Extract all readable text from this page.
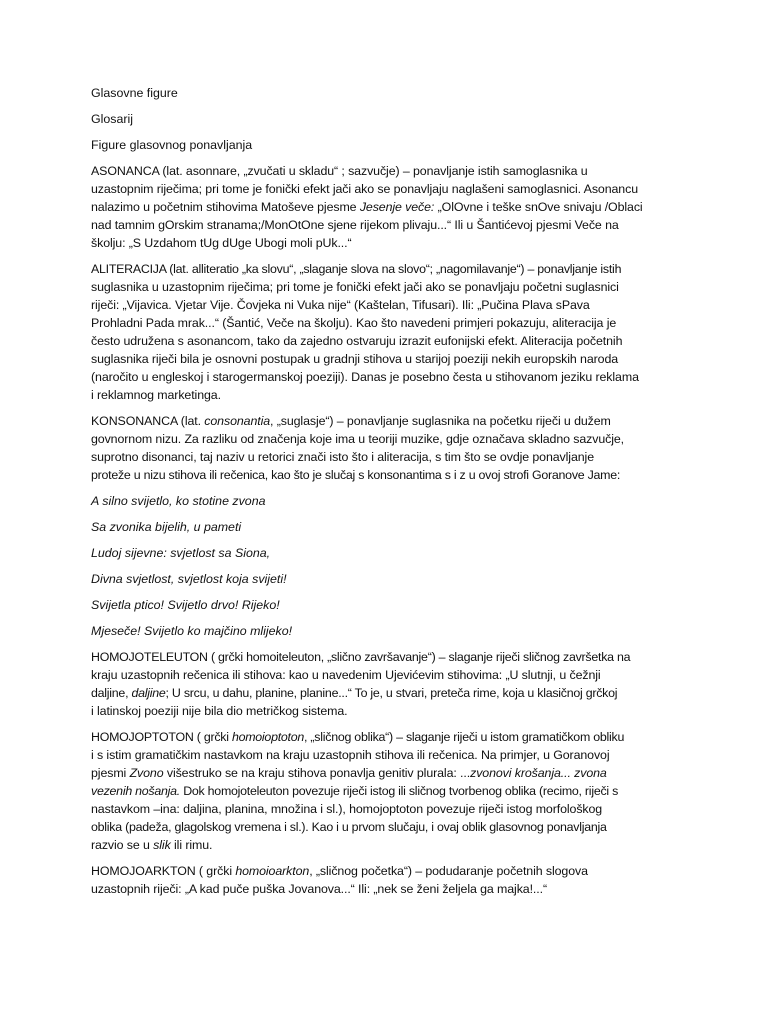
Glasovne figure

Glosarij

Figure glasovnog ponavljanja

ASONANCA (lat. asonnare, „zvučati u skladu“ ; sazvučje) – ponavljanje istih samoglasnika u
uzastopnim riječima; pri tome je fonički efekt jači ako se ponavljaju naglašeni samoglasnici. Asonancu
nalazimo u početnim stihovima Matoševe pjesme Jesenje veče: „OlOvne i teške snOve snivaju /Oblaci
nad tamnim gOrskim stranama;/MonOtOne sjene rijekom plivaju...“ Ili u Šantićevoj pjesmi Veče na
školju: „S Uzdahom tUg dUge Ubogi moli pUk...“

ALITERACIJA (lat. alliteratio „ka slovu“, „slaganje slova na slovo“; „nagomilavanje“) – ponavljanje istih
suglasnika u uzastopnim riječima; pri tome je fonički efekt jači ako se ponavljaju početni suglasnici
riječi: „Vijavica. Vjetar Vije. Čovjeka ni Vuka nije“ (Kaštelan, Tifusari). Ili: „Pučina Plava sPava
Prohladni Pada mrak...“ (Šantić, Veče na školju). Kao što navedeni primjeri pokazuju, aliteracija je
često udružena s asonancom, tako da zajedno ostvaruju izrazit eufonijski efekt. Aliteracija početnih
suglasnika riječi bila je osnovni postupak u gradnji stihova u starijoj poeziji nekih europskih naroda
(naročito u engleskoj i starogermanskoj poeziji). Danas je posebno česta u stihovanom jeziku reklama
i reklamnog marketinga.

KONSONANCA (lat. consonantia, „suglasje“) – ponavljanje suglasnika na početku riječi u dužem
govnornom nizu. Za razliku od značenja koje ima u teoriji muzike, gdje označava skladno sazvučje,
suprotno disonanci, taj naziv u retorici znači isto što i aliteracija, s tim što se ovdje ponavljanje
proteže u nizu stihova ili rečenica, kao što je slučaj s konsonantima s i z u ovoj strofi Goranove Jame:

A silno svijetlo, ko stotine zvona

Sa zvonika bijelih, u pameti

Ludoj sijevne: svjetlost sa Siona,

Divna svjetlost, svjetlost koja svijeti!

Svijetla ptico! Svijetlo drvo! Rijeko!

Mjeseče! Svijetlo ko majčino mlijeko!

HOMOJOTELEUTON ( grčki homoiteleuton, „slično završavanje“) – slaganje riječi sličnog završetka na
kraju uzastopnih rečenica ili stihova: kao u navedenim Ujevićevim stihovima: „U slutnji, u čežnji
daljine, daljine; U srcu, u dahu, planine, planine...“ To je, u stvari, preteča rime, koja u klasičnoj grčkoj
i latinskoj poeziji nije bila dio metričkog sistema.

HOMOJOPTOTON ( grčki homoioptoton, „sličnog oblika“) – slaganje riječi u istom gramatičkom obliku
i s istim gramatičkim nastavkom na kraju uzastopnih stihova ili rečenica. Na primjer, u Goranovoj
pjesmi Zvono višestruko se na kraju stihova ponavlja genitiv plurala: ...zvonovi krošanja... zvona
vezenih nošanja. Dok homojoteleuton povezuje riječi istog ili sličnog tvorbenog oblika (recimo, riječi s
nastavkom –ina: daljina, planina, množina i sl.), homojoptoton povezuje riječi istog morfološkog
oblika (padeža, glagolskog vremena i sl.). Kao i u prvom slučaju, i ovaj oblik glasovnog ponavljanja
razvio se u slik ili rimu.

HOMOJOARKTON ( grčki homoioarkton, „sličnog početka“) – podudaranje početnih slogova
uzastopnih riječi: „A kad puče puška Jovanova...“ Ili: „nek se ženi željela ga majka!...“
